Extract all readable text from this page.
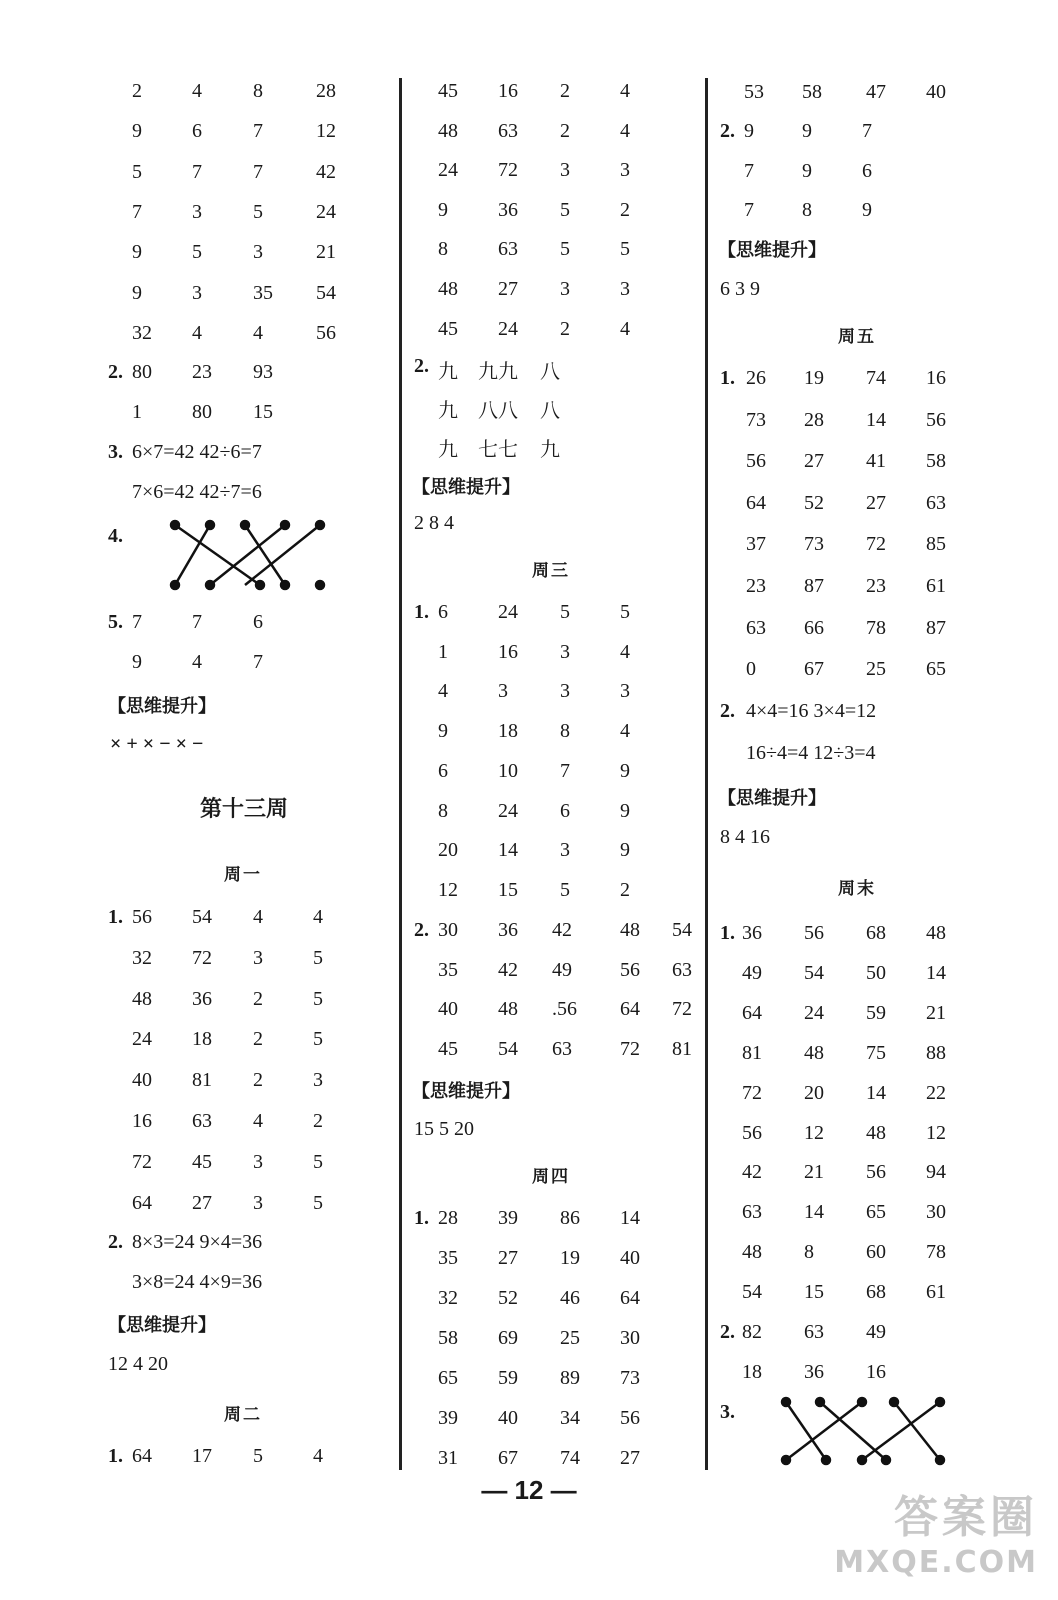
2	4	8	28
9	6	7	12
5	7	7	42
7	3	5	24
9	5	3	21
9	3	35 54
32 4	4	56
2. 80 23 93
1	80 15
3. 6×7=42 42÷6=7
7×6=42 42÷7=6
4.
5. 7	7	6
9	4	7
【思维提升】
× + × − × −
第十三周
周一
1. 56 54 4	4
32 72 3	5
48 36 2	5
24 18 2	5
40 81 2	3
16 63 4	2
72 45 3	5
64 27 3	5
2. 8×3=24 9×4=36
3×8=24 4×9=36
【思维提升】
12 4 20
周二
1. 64 17 5	4
45 16 2	4
48 63 2	4
24 72 3	3
9	36 5	2
8	63 5	5
48 27 3	3
45 24 2	4
2. 九 九九 八
九 八八 八
九 七七 九
【思维提升】
2 8 4
周三
1. 6	24 5	5
1	16 3	4
4	3	3	3
9	18 8	4
6	10 7	9
8	24 6	9
20 14 3	9
12 15 5	2
2. 30 36 42 48 54
35 42 49 56 63
40 48 .56 64 72
45 54 63 72 81
【思维提升】
15 5 20
周四
1. 28 39 86 14
35 27 19 40
32 52 46 64
58 69 25 30
65 59 89 73
39 40 34 56
31 67 74 27
53 58 47 40
2. 9 9	7
7 9	6
7 8	9
【思维提升】
6 3 9
周五
1. 26 19 74 16
73 28 14 56
56 27 41 58
64 52 27 63
37 73 72 85
23 87 23 61
63 66 78 87
0 67 25 65
2. 4×4=16 3×4=12
16÷4=4 12÷3=4
【思维提升】
8 4 16
周末
1. 36 56 68 48
49 54 50 14
64 24 59 21
81 48 75 88
72 20 14 22
56 12 48 12
42 21 56 94
63 14 65 30
48 8	60 78
54 15 68 61
2. 82 63 49
18 36 16
3.
— 12 —
答案圈
MXQE.COM
